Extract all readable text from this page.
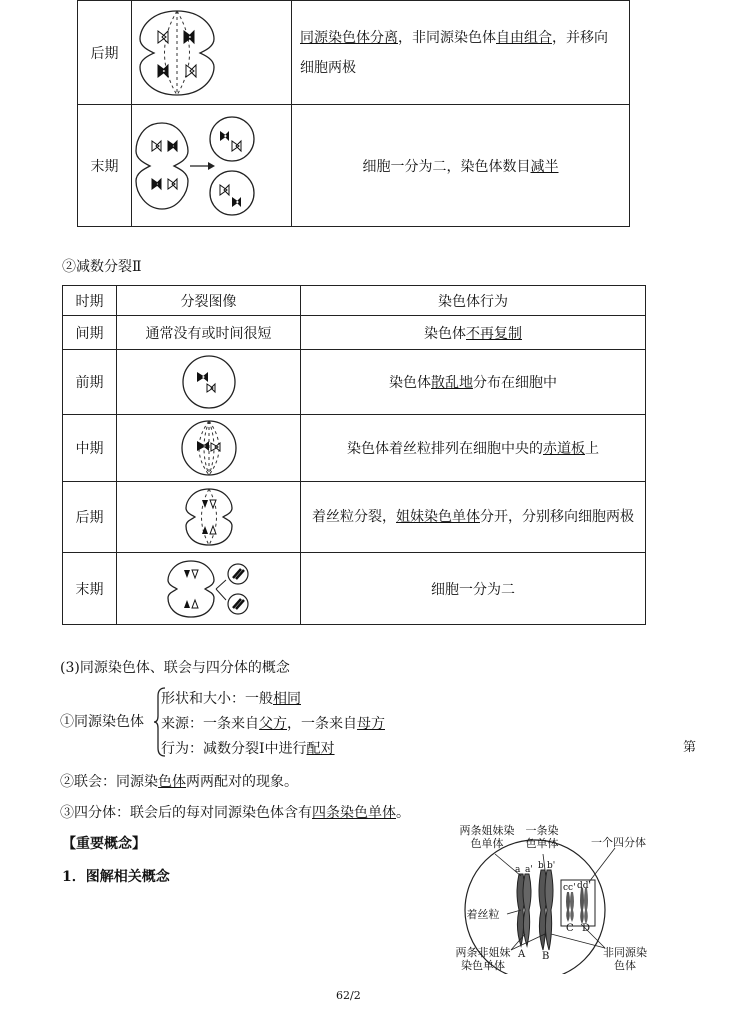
后期		同源染色体分离，非同源染色体自由组合，并移向细胞两极
末期		细胞一分为二，染色体数目减半
②减数分裂Ⅱ
时期	分裂图像	染色体行为
间期	通常没有或时间很短	染色体不再复制
前期		染色体散乱地分布在细胞中
中期		染色体着丝粒排列在细胞中央的赤道板上
后期		着丝粒分裂，姐妹染色单体分开，分别移向细胞两极
末期		细胞一分为二
(3)同源染色体、联会与四分体的概念
①同源染色体
形状和大小：一般相同
来源：一条来自父方，一条来自母方
行为：减数分裂Ⅰ中进行配对	第
②联会：同源染色体两两配对的现象。
③四分体：联会后的每对同源染色体含有四条染色单体。
【重要概念】
1．图解相关概念
两条姐妹染色单体
一条染色单体	一个四分体
着丝粒
两条非姐妹染色单体
非同源染色体
a a' b b'
cc' dd'
A B
C D
62/2
